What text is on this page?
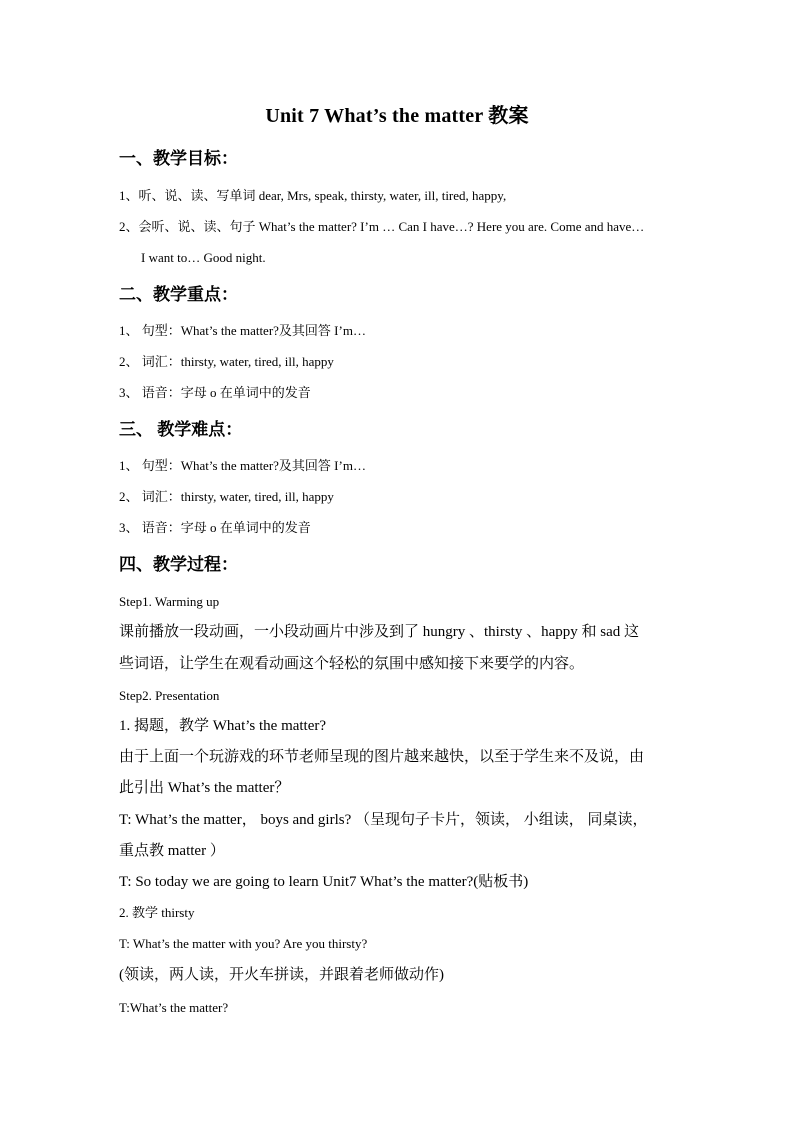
Unit 7 What’s the matter 教案
一、教学目标：
1、听、说、读、写单词 dear, Mrs, speak, thirsty, water, ill, tired, happy,
2、会听、说、读、句子 What’s the matter? I’m … Can I have…? Here you are. Come and have…
I want to… Good night.
二、教学重点：
1、 句型：What’s the matter?及其回答 I’m…
2、 词汇：thirsty, water, tired, ill, happy
3、 语音：字母 o 在单词中的发音
三、 教学难点：
1、 句型：What’s the matter?及其回答 I’m…
2、 词汇：thirsty, water, tired, ill, happy
3、 语音：字母 o 在单词中的发音
四、教学过程：
Step1. Warming up
课前播放一段动画，一小段动画片中涉及到了 hungry 、thirsty 、happy 和 sad 这
些词语，让学生在观看动画这个轻松的氛围中感知接下来要学的内容。
Step2. Presentation
1. 揭题，教学 What’s the matter?
由于上面一个玩游戏的环节老师呈现的图片越来越快，以至于学生来不及说，由
此引出 What’s the matter？
T: What’s the matter， boys and girls? （呈现句子卡片，领读， 小组读， 同桌读，
重点教 matter ）
T: So today we are going to learn Unit7 What’s the matter?(贴板书)
2. 教学 thirsty
T: What’s the matter with you? Are you thirsty?
(领读，两人读，开火车拼读，并跟着老师做动作)
T:What’s the matter?
